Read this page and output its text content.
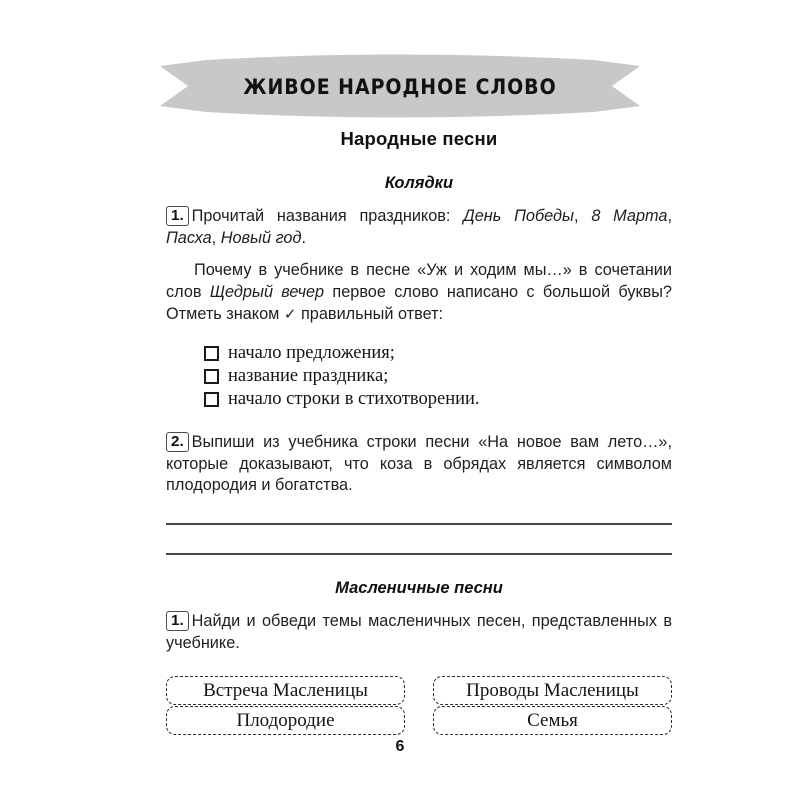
ЖИВОЕ НАРОДНОЕ СЛОВО
Народные песни
Колядки
1. Прочитай названия праздников: День Победы, 8 Марта, Пасха, Новый год.
Почему в учебнике в песне «Уж и ходим мы…» в сочетании слов Щедрый вечер первое слово написано с большой буквы? Отметь знаком ✓ правильный ответ:
начало предложения;
название праздника;
начало строки в стихотворении.
2. Выпиши из учебника строки песни «На новое вам лето…», которые доказывают, что коза в обрядах является символом плодородия и богатства.
Масленичные песни
1. Найди и обведи темы масленичных песен, представленных в учебнике.
Встреча Масленицы
Плодородие
Проводы Масленицы
Семья
6
